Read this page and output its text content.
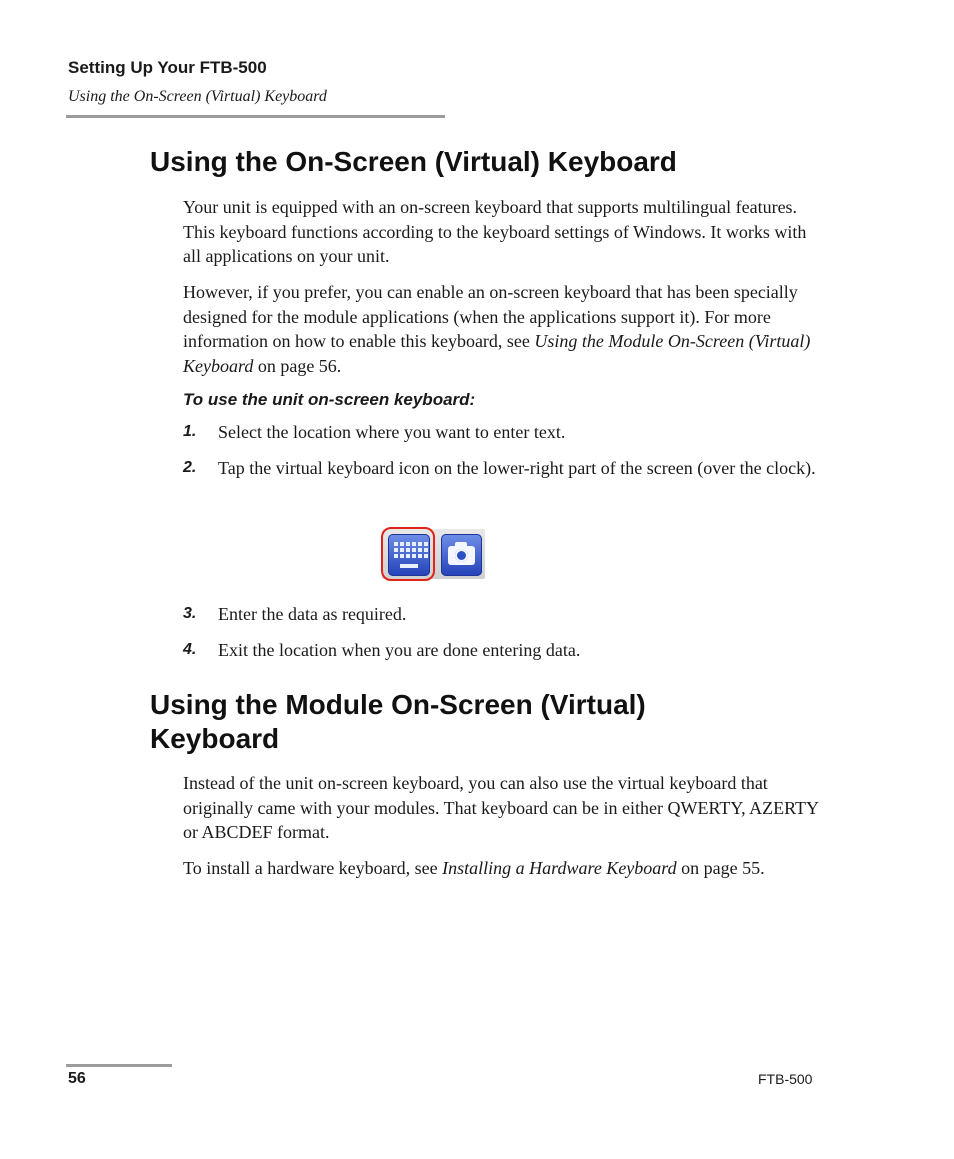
Setting Up Your FTB-500
Using the On-Screen (Virtual) Keyboard
Using the On-Screen (Virtual) Keyboard

Your unit is equipped with an on-screen keyboard that supports multilingual features. This keyboard functions according to the keyboard settings of Windows. It works with all applications on your unit.

However, if you prefer, you can enable an on-screen keyboard that has been specially designed for the module applications (when the applications support it). For more information on how to enable this keyboard, see Using the Module On-Screen (Virtual) Keyboard on page 56.

To use the unit on-screen keyboard:
1.	Select the location where you want to enter text.
2.	Tap the virtual keyboard icon on the lower-right part of the screen (over the clock).
3.	Enter the data as required.
4.	Exit the location when you are done entering data.
Using the Module On-Screen (Virtual) Keyboard

Instead of the unit on-screen keyboard, you can also use the virtual keyboard that originally came with your modules. That keyboard can be in either QWERTY, AZERTY or ABCDEF format.

To install a hardware keyboard, see Installing a Hardware Keyboard on page 55.

56	FTB-500
